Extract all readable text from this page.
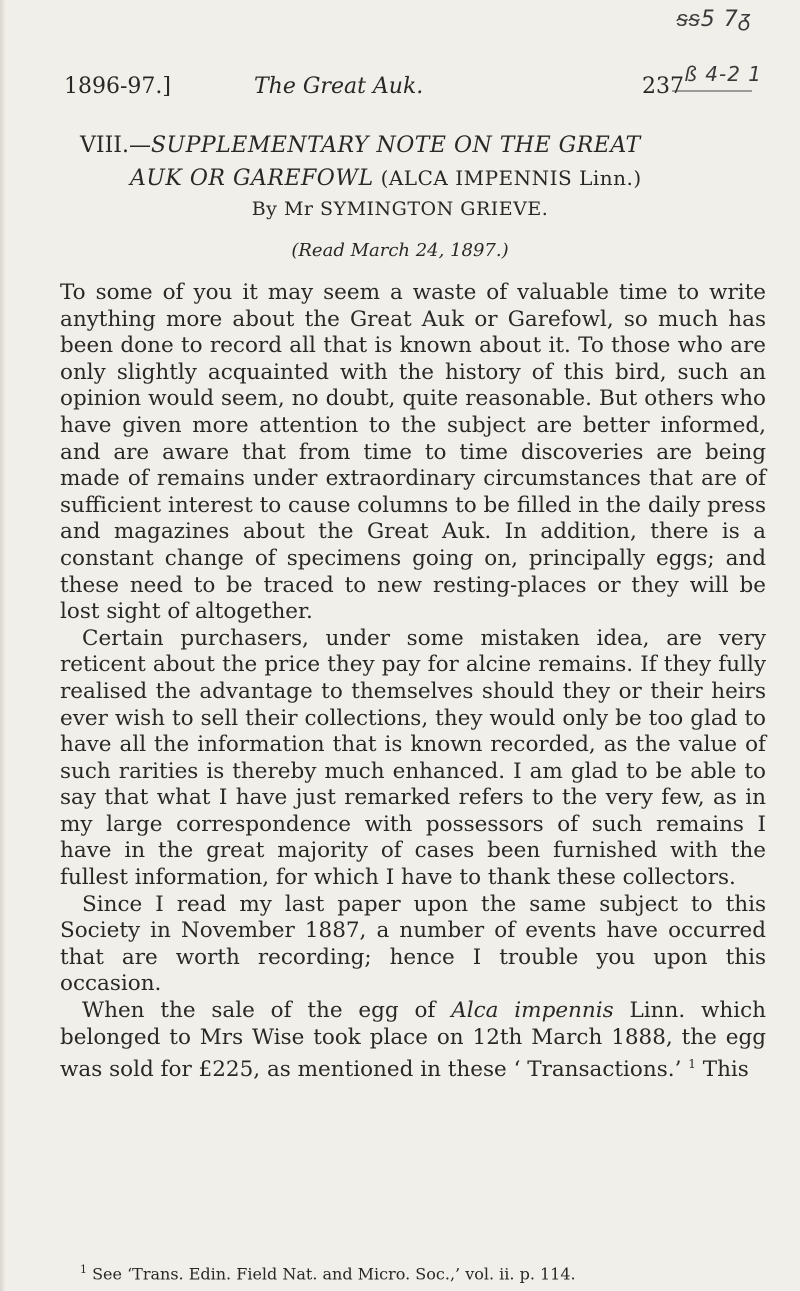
ᵴᵴ5 7ᵹ
ß 4-2 1
1896-97.]	The Great Auk.	237
VIII.—SUPPLEMENTARY NOTE ON THE GREAT
AUK OR GAREFOWL (ALCA IMPENNIS Linn.)
By Mr SYMINGTON GRIEVE.
(Read March 24, 1897.)

To some of you it may seem a waste of valuable time to write anything more about the Great Auk or Garefowl, so much has been done to record all that is known about it. To those who are only slightly acquainted with the history of this bird, such an opinion would seem, no doubt, quite reasonable. But others who have given more attention to the subject are better informed, and are aware that from time to time discoveries are being made of remains under extraordinary circumstances that are of sufficient interest to cause columns to be filled in the daily press and magazines about the Great Auk. In addition, there is a constant change of specimens going on, principally eggs; and these need to be traced to new resting-places or they will be lost sight of altogether.

Certain purchasers, under some mistaken idea, are very reticent about the price they pay for alcine remains. If they fully realised the advantage to themselves should they or their heirs ever wish to sell their collections, they would only be too glad to have all the information that is known recorded, as the value of such rarities is thereby much enhanced. I am glad to be able to say that what I have just remarked refers to the very few, as in my large correspondence with possessors of such remains I have in the great majority of cases been furnished with the fullest information, for which I have to thank these collectors.

Since I read my last paper upon the same subject to this Society in November 1887, a number of events have occurred that are worth recording; hence I trouble you upon this occasion.

When the sale of the egg of Alca impennis Linn. which belonged to Mrs Wise took place on 12th March 1888, the egg was sold for £225, as mentioned in these ‘ Transactions.’ $^1$ This

$^1$ See ‘Trans. Edin. Field Nat. and Micro. Soc.,’ vol. ii. p. 114.
